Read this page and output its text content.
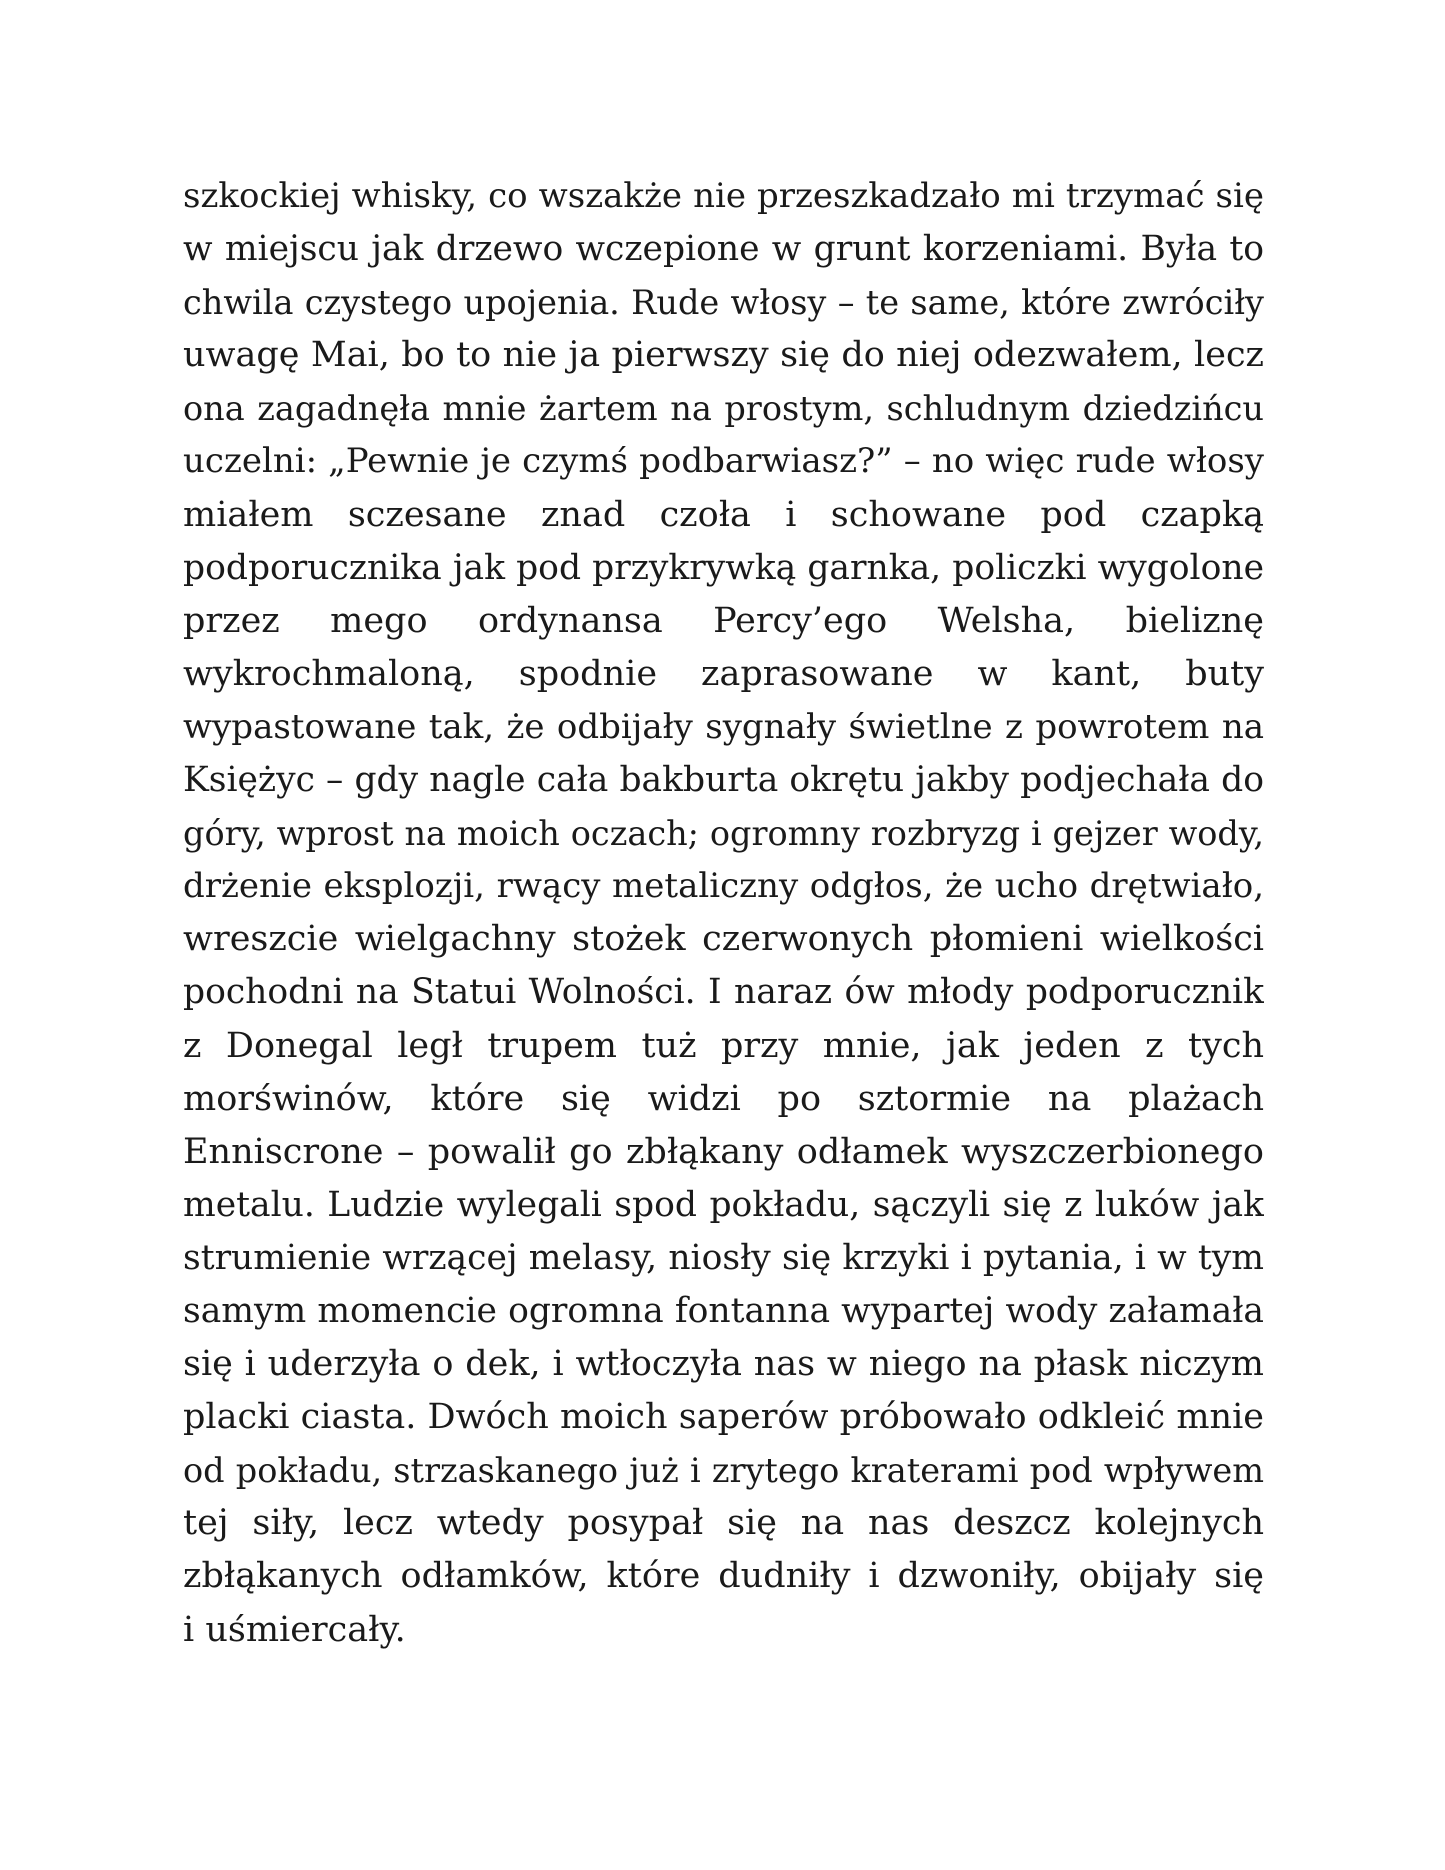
szkockiej whisky, co wszakże nie przeszkadzało mi trzymać się
w miejscu jak drzewo wczepione w grunt korzeniami. Była to
chwila czystego upojenia. Rude włosy – te same, które zwróciły
uwagę Mai, bo to nie ja pierwszy się do niej odezwałem, lecz
ona zagadnęła mnie żartem na prostym, schludnym dziedzińcu
uczelni: „Pewnie je czymś podbarwiasz?” – no więc rude włosy
miałem sczesane znad czoła i schowane pod czapką
podporucznika jak pod przykrywką garnka, policzki wygolone
przez mego ordynansa Percy’ego Welsha, bieliznę
wykrochmaloną, spodnie zaprasowane w kant, buty
wypastowane tak, że odbijały sygnały świetlne z powrotem na
Księżyc – gdy nagle cała bakburta okrętu jakby podjechała do
góry, wprost na moich oczach; ogromny rozbryzg i gejzer wody,
drżenie eksplozji, rwący metaliczny odgłos, że ucho drętwiało,
wreszcie wielgachny stożek czerwonych płomieni wielkości
pochodni na Statui Wolności. I naraz ów młody podporucznik
z Donegal legł trupem tuż przy mnie, jak jeden z tych
morświnów, które się widzi po sztormie na plażach
Enniscrone – powalił go zbłąkany odłamek wyszczerbionego
metalu. Ludzie wylegali spod pokładu, sączyli się z luków jak
strumienie wrzącej melasy, niosły się krzyki i pytania, i w tym
samym momencie ogromna fontanna wypartej wody załamała
się i uderzyła o dek, i wtłoczyła nas w niego na płask niczym
placki ciasta. Dwóch moich saperów próbowało odkleić mnie
od pokładu, strzaskanego już i zrytego kraterami pod wpływem
tej siły, lecz wtedy posypał się na nas deszcz kolejnych
zbłąkanych odłamków, które dudniły i dzwoniły, obijały się
i uśmiercały.
